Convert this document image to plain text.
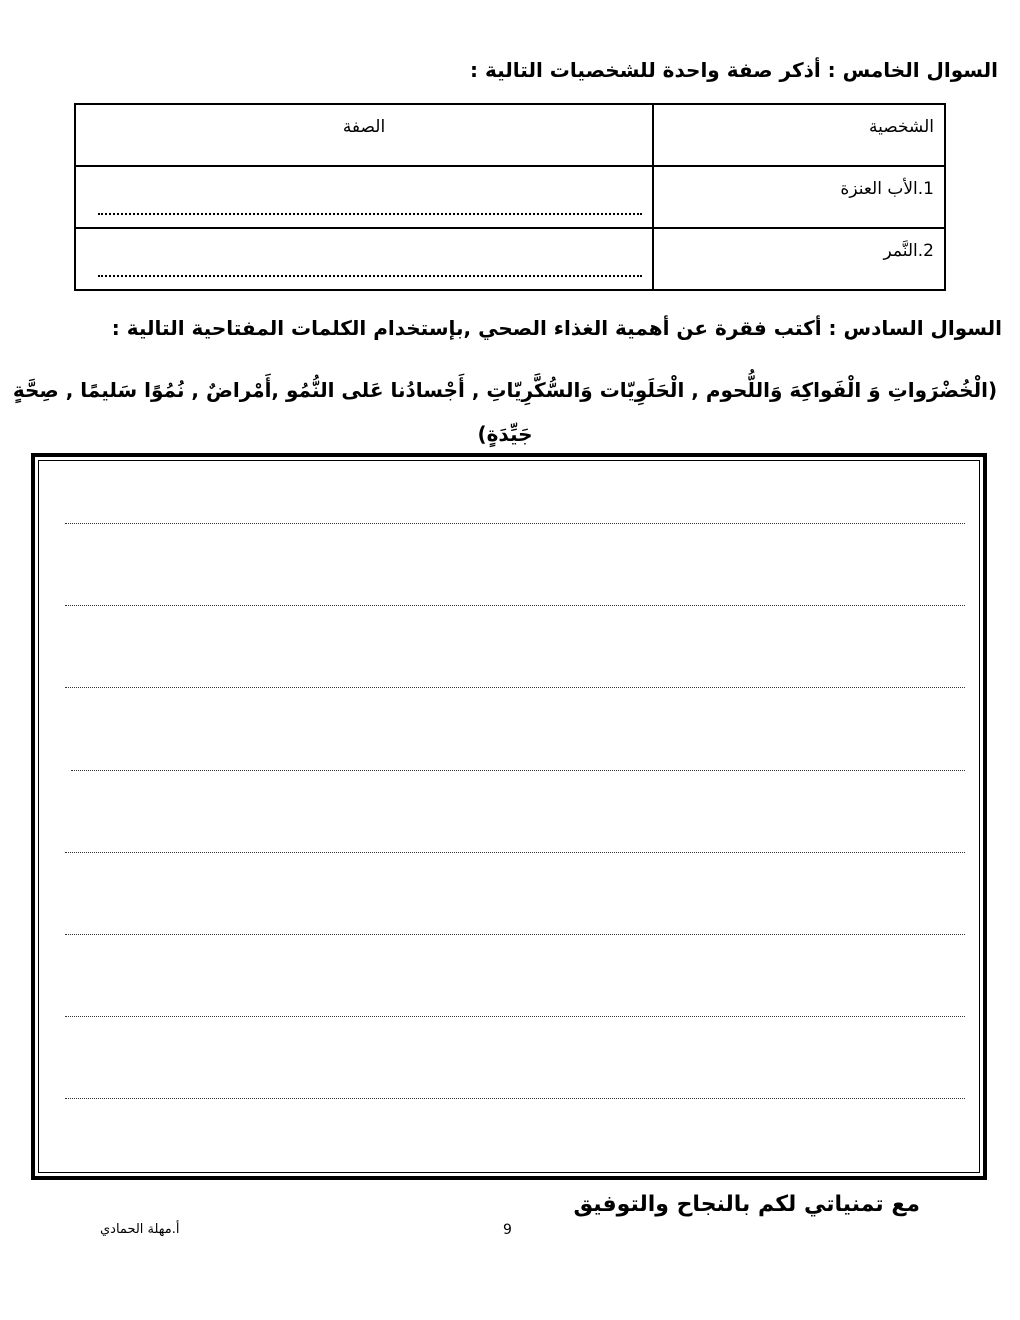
السوال الخامس : أذكر صفة واحدة للشخصيات التالية :
الشخصية	الصفة

1.الأب العنزة	

2.النَّمر	

السوال السادس : أكتب فقرة عن أهمية الغذاء الصحي ,بإستخدام الكلمات المفتاحية التالية :
(الْخُضْرَواتِ وَ الْفَواكِهَ وَاللُّحوم , الْحَلَوِيّات وَالسُّكَّرِيّاتِ , أَجْسادُنا عَلى النُّمُو ,أَمْراضٌ , نُمُوًا سَليمًا , صِحَّةٍ جَيِّدَةٍ)
مع تمنياتي لكم بالنجاح والتوفيق
9
أ.مهلة الحمادي
